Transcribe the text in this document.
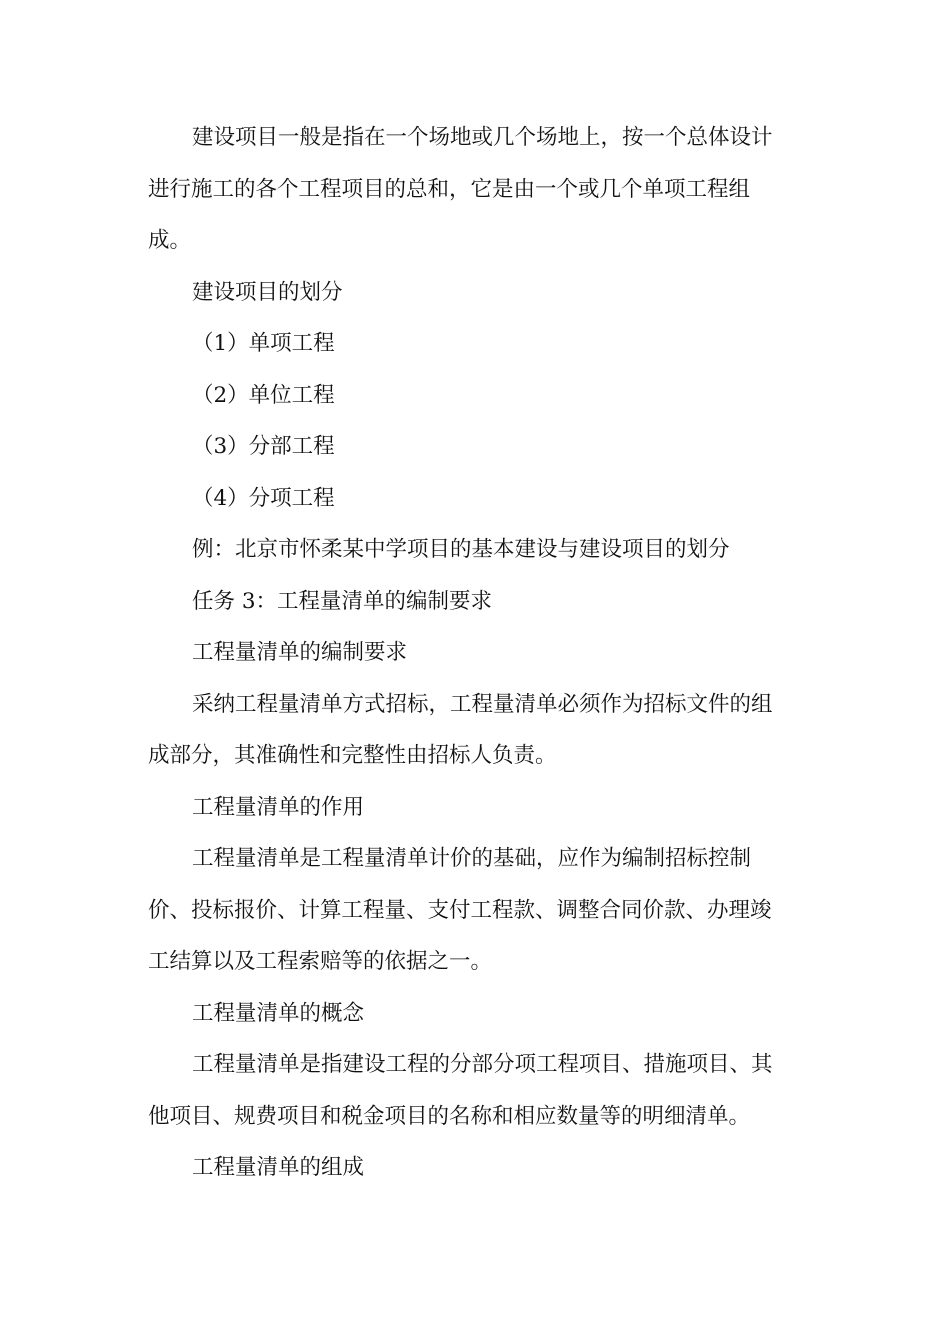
建设项目一般是指在一个场地或几个场地上，按一个总体设计
进行施工的各个工程项目的总和，它是由一个或几个单项工程组
成。

建设项目的划分

（1）单项工程

（2）单位工程

（3）分部工程

（4）分项工程

例：北京市怀柔某中学项目的基本建设与建设项目的划分

任务 3：工程量清单的编制要求

工程量清单的编制要求

采纳工程量清单方式招标，工程量清单必须作为招标文件的组
成部分，其准确性和完整性由招标人负责。

工程量清单的作用

工程量清单是工程量清单计价的基础，应作为编制招标控制
价、投标报价、计算工程量、支付工程款、调整合同价款、办理竣
工结算以及工程索赔等的依据之一。

工程量清单的概念

工程量清单是指建设工程的分部分项工程项目、措施项目、其
他项目、规费项目和税金项目的名称和相应数量等的明细清单。

工程量清单的组成
